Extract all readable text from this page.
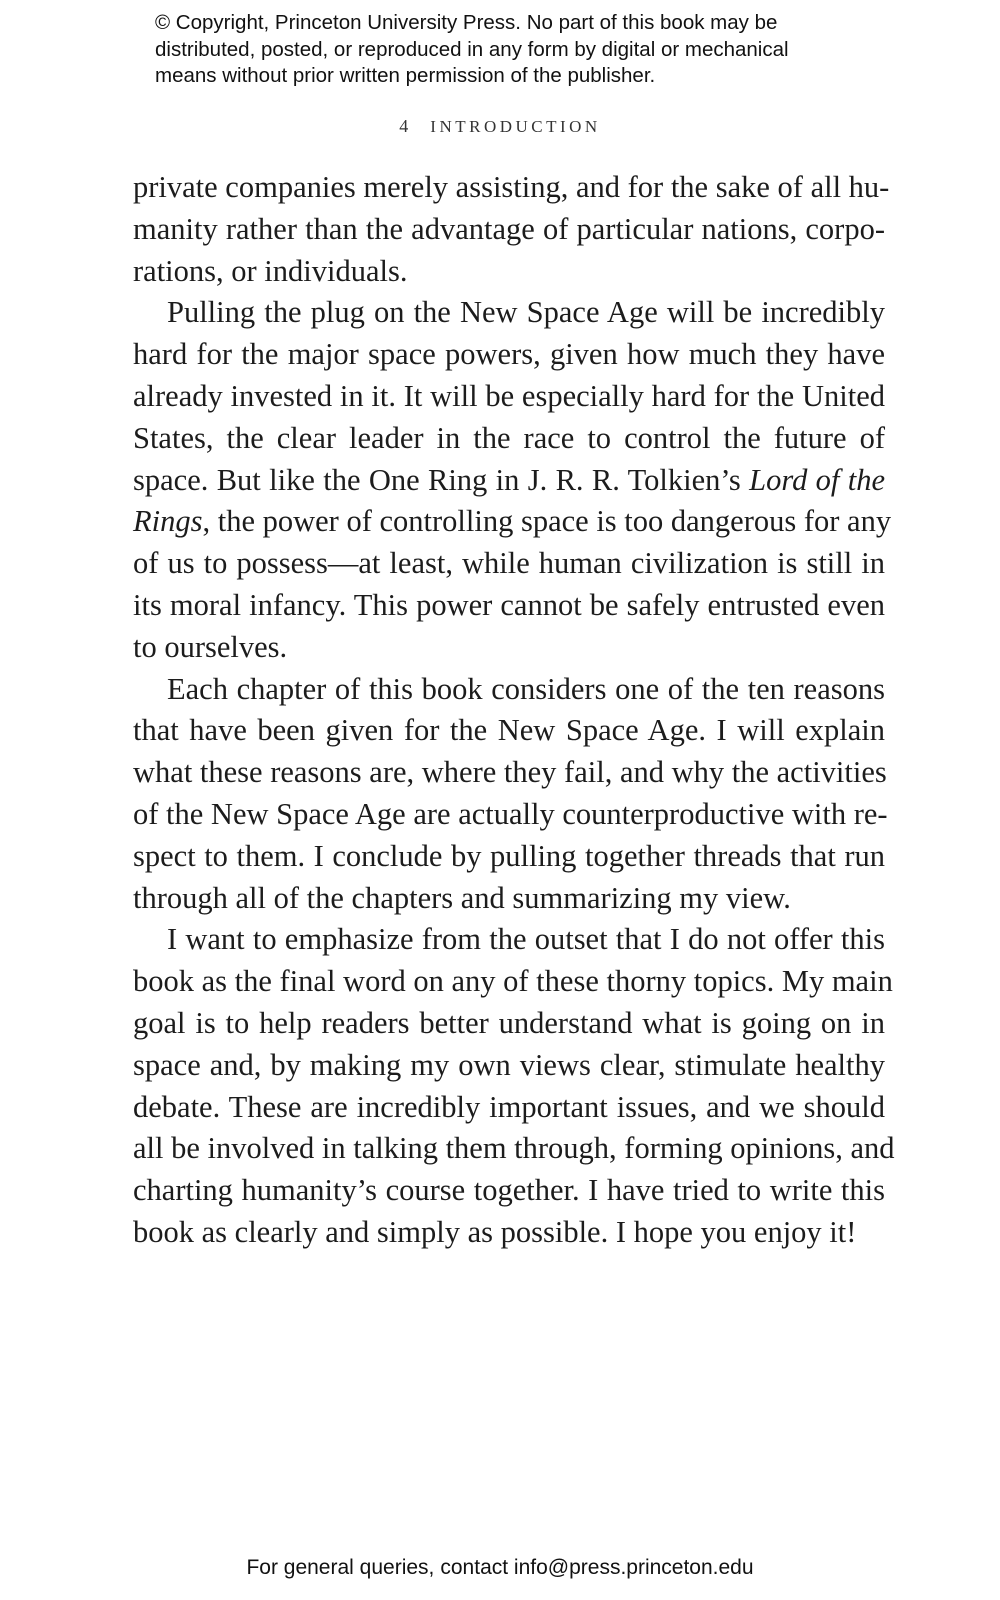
© Copyright, Princeton University Press. No part of this book may be
distributed, posted, or reproduced in any form by digital or mechanical
means without prior written permission of the publisher.
4 INTRODUCTION
private companies merely assisting, and for the sake of all hu-
manity rather than the advantage of particular nations, corpo-
rations, or individuals.
Pulling the plug on the New Space Age will be incredibly
hard for the major space powers, given how much they have
already invested in it. It will be especially hard for the United
States, the clear leader in the race to control the future of
space. But like the One Ring in J. R. R. Tolkien’s Lord of the
Rings, the power of controlling space is too dangerous for any
of us to possess—at least, while human civilization is still in
its moral infancy. This power cannot be safely entrusted even
to ourselves.
Each chapter of this book considers one of the ten reasons
that have been given for the New Space Age. I will explain
what these reasons are, where they fail, and why the activities
of the New Space Age are actually counterproductive with re-
spect to them. I conclude by pulling together threads that run
through all of the chapters and summarizing my view.
I want to emphasize from the outset that I do not offer this
book as the final word on any of these thorny topics. My main
goal is to help readers better understand what is going on in
space and, by making my own views clear, stimulate healthy
debate. These are incredibly important issues, and we should
all be involved in talking them through, forming opinions, and
charting humanity’s course together. I have tried to write this
book as clearly and simply as possible. I hope you enjoy it!
For general queries, contact info@press.princeton.edu
